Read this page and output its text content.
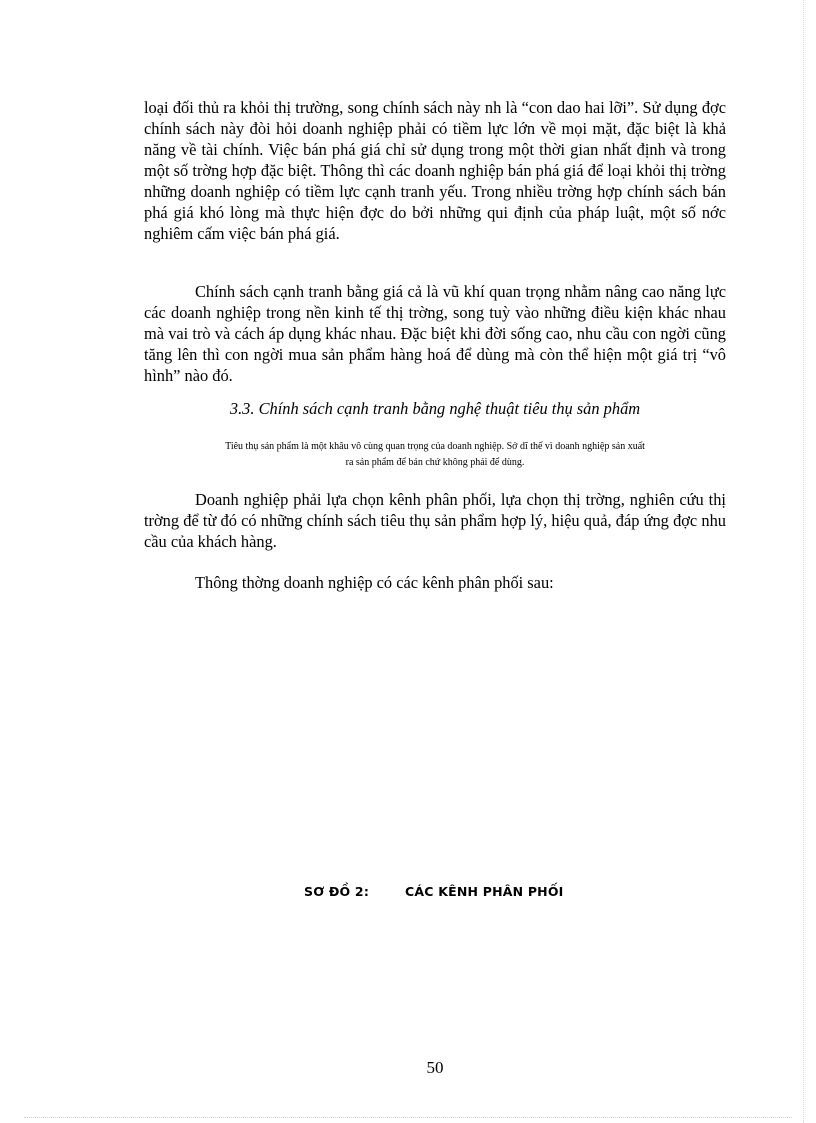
loại đối thủ ra khỏi thị trường, song chính sách này nh là “con dao hai lỡi”. Sử dụng đợc chính sách này đòi hỏi doanh nghiệp phải có tiềm lực lớn về mọi mặt, đặc biệt là khả năng về tài chính. Việc bán phá giá chỉ sử dụng trong một thời gian nhất định và trong một số trờng hợp đặc biệt. Thông thì các doanh nghiệp bán phá giá để loại khỏi thị trờng những doanh nghiệp có tiềm lực cạnh tranh yếu. Trong nhiều trờng hợp chính sách bán phá giá khó lòng mà thực hiện đợc do bởi những qui định của pháp luật, một số nớc nghiêm cấm việc bán phá giá.

Chính sách cạnh tranh bằng giá cả là vũ khí quan trọng nhằm nâng cao năng lực các doanh nghiệp trong nền kinh tế thị trờng, song tuỳ vào những điều kiện khác nhau mà vai trò và cách áp dụng khác nhau. Đặc biệt khi đời sống cao, nhu cầu con ngời cũng tăng lên thì con ngời mua sản phẩm hàng hoá để dùng mà còn thể hiện một giá trị “vô hình” nào đó.

3.3. Chính sách cạnh tranh bằng nghệ thuật tiêu thụ sản phẩm
Tiêu thụ sản phẩm là một khâu vô cùng quan trọng của doanh nghiệp. Sở dĩ thế vì doanh nghiệp sản xuất
ra sản phẩm để bán chứ không phải để dùng.

Doanh nghiệp phải lựa chọn kênh phân phối, lựa chọn thị trờng, nghiên cứu thị trờng để từ đó có những chính sách tiêu thụ sản phẩm hợp lý, hiệu quả, đáp ứng đợc nhu cầu của khách hàng.

Thông thờng doanh nghiệp có các kênh phân phối sau:

SƠ ĐỒ 2:	CÁC KÊNH PHÂN PHỐI
50
